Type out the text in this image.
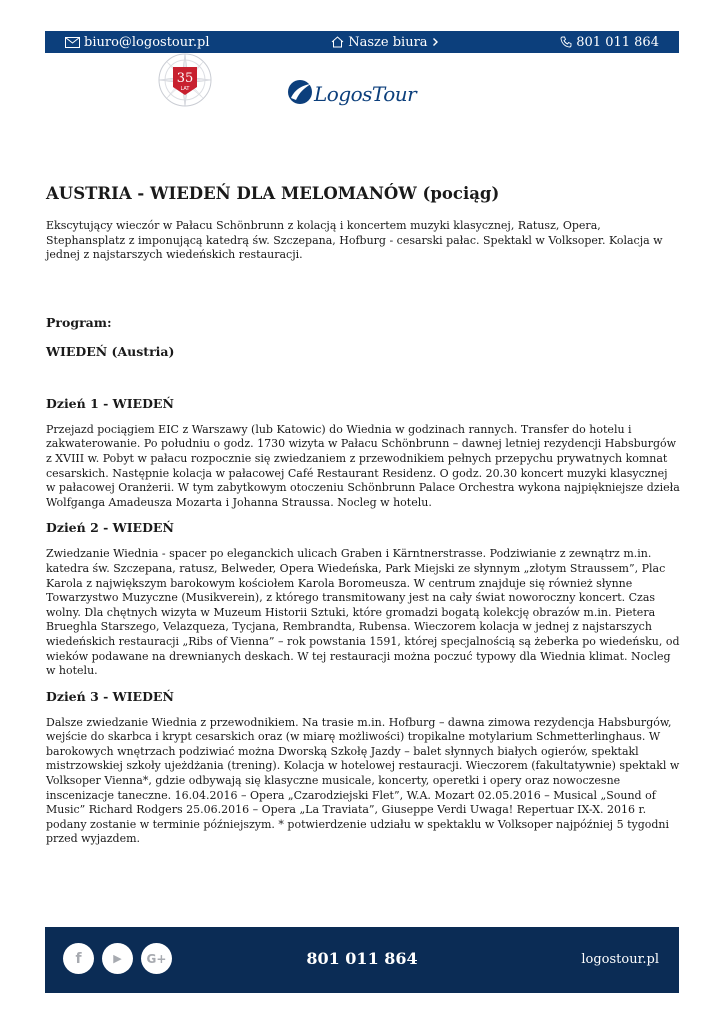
biuro@logostour.pl	Nasze biura	801 011 864
35
LAT	LogosTour
AUSTRIA - WIEDEŃ DLA MELOMANÓW (pociąg)

Ekscytujący wieczór w Pałacu Schönbrunn z kolacją i koncertem muzyki klasycznej, Ratusz, Opera, Stephansplatz z imponującą katedrą św. Szczepana, Hofburg - cesarski pałac. Spektakl w Volksoper. Kolacja w jednej z najstarszych wiedeńskich restauracji.

Program:
WIEDEŃ (Austria)
Dzień 1 - WIEDEŃ

Przejazd pociągiem EIC z Warszawy (lub Katowic) do Wiednia w godzinach rannych. Transfer do hotelu i zakwaterowanie. Po południu o godz. 1730 wizyta w Pałacu Schönbrunn – dawnej letniej rezydencji Habsburgów z XVIII w. Pobyt w pałacu rozpocznie się zwiedzaniem z przewodnikiem pełnych przepychu prywatnych komnat cesarskich. Następnie kolacja w pałacowej Café Restaurant Residenz. O godz. 20.30 koncert muzyki klasycznej w pałacowej Oranżerii. W tym zabytkowym otoczeniu Schönbrunn Palace Orchestra wykona najpiękniejsze dzieła Wolfganga Amadeusza Mozarta i Johanna Straussa. Nocleg w hotelu.

Dzień 2 - WIEDEŃ

Zwiedzanie Wiednia - spacer po eleganckich ulicach Graben i Kärntnerstrasse. Podziwianie z zewnątrz m.in. katedra św. Szczepana, ratusz, Belweder, Opera Wiedeńska, Park Miejski ze słynnym „złotym Straussem”, Plac Karola z największym barokowym kościołem Karola Boromeusza. W centrum znajduje się również słynne Towarzystwo Muzyczne (Musikverein), z którego transmitowany jest na cały świat noworoczny koncert. Czas wolny. Dla chętnych wizyta w Muzeum Historii Sztuki, które gromadzi bogatą kolekcję obrazów m.in. Pietera Brueghla Starszego, Velazqueza, Tycjana, Rembrandta, Rubensa. Wieczorem kolacja w jednej z najstarszych wiedeńskich restauracji „Ribs of Vienna” – rok powstania 1591, której specjalnością są żeberka po wiedeńsku, od wieków podawane na drewnianych deskach. W tej restauracji można poczuć typowy dla Wiednia klimat. Nocleg w hotelu.

Dzień 3 - WIEDEŃ

Dalsze zwiedzanie Wiednia z przewodnikiem. Na trasie m.in. Hofburg – dawna zimowa rezydencja Habsburgów, wejście do skarbca i krypt cesarskich oraz (w miarę możliwości) tropikalne motylarium Schmetterlinghaus. W barokowych wnętrzach podziwiać można Dworską Szkołę Jazdy – balet słynnych białych ogierów, spektakl mistrzowskiej szkoły ujeżdżania (trening). Kolacja w hotelowej restauracji. Wieczorem (fakultatywnie) spektakl w Volksoper Vienna*, gdzie odbywają się klasyczne musicale, koncerty, operetki i opery oraz nowoczesne inscenizacje taneczne. 16.04.2016 – Opera „Czarodziejski Flet”, W.A. Mozart 02.05.2016 – Musical „Sound of Music” Richard Rodgers 25.06.2016 – Opera „La Traviata”, Giuseppe Verdi Uwaga! Repertuar IX-X. 2016 r. podany zostanie w terminie późniejszym. * potwierdzenie udziału w spektaklu w Volksoper najpóźniej 5 tygodni przed wyjazdem.

f	▶	G+	801 011 864	logostour.pl
